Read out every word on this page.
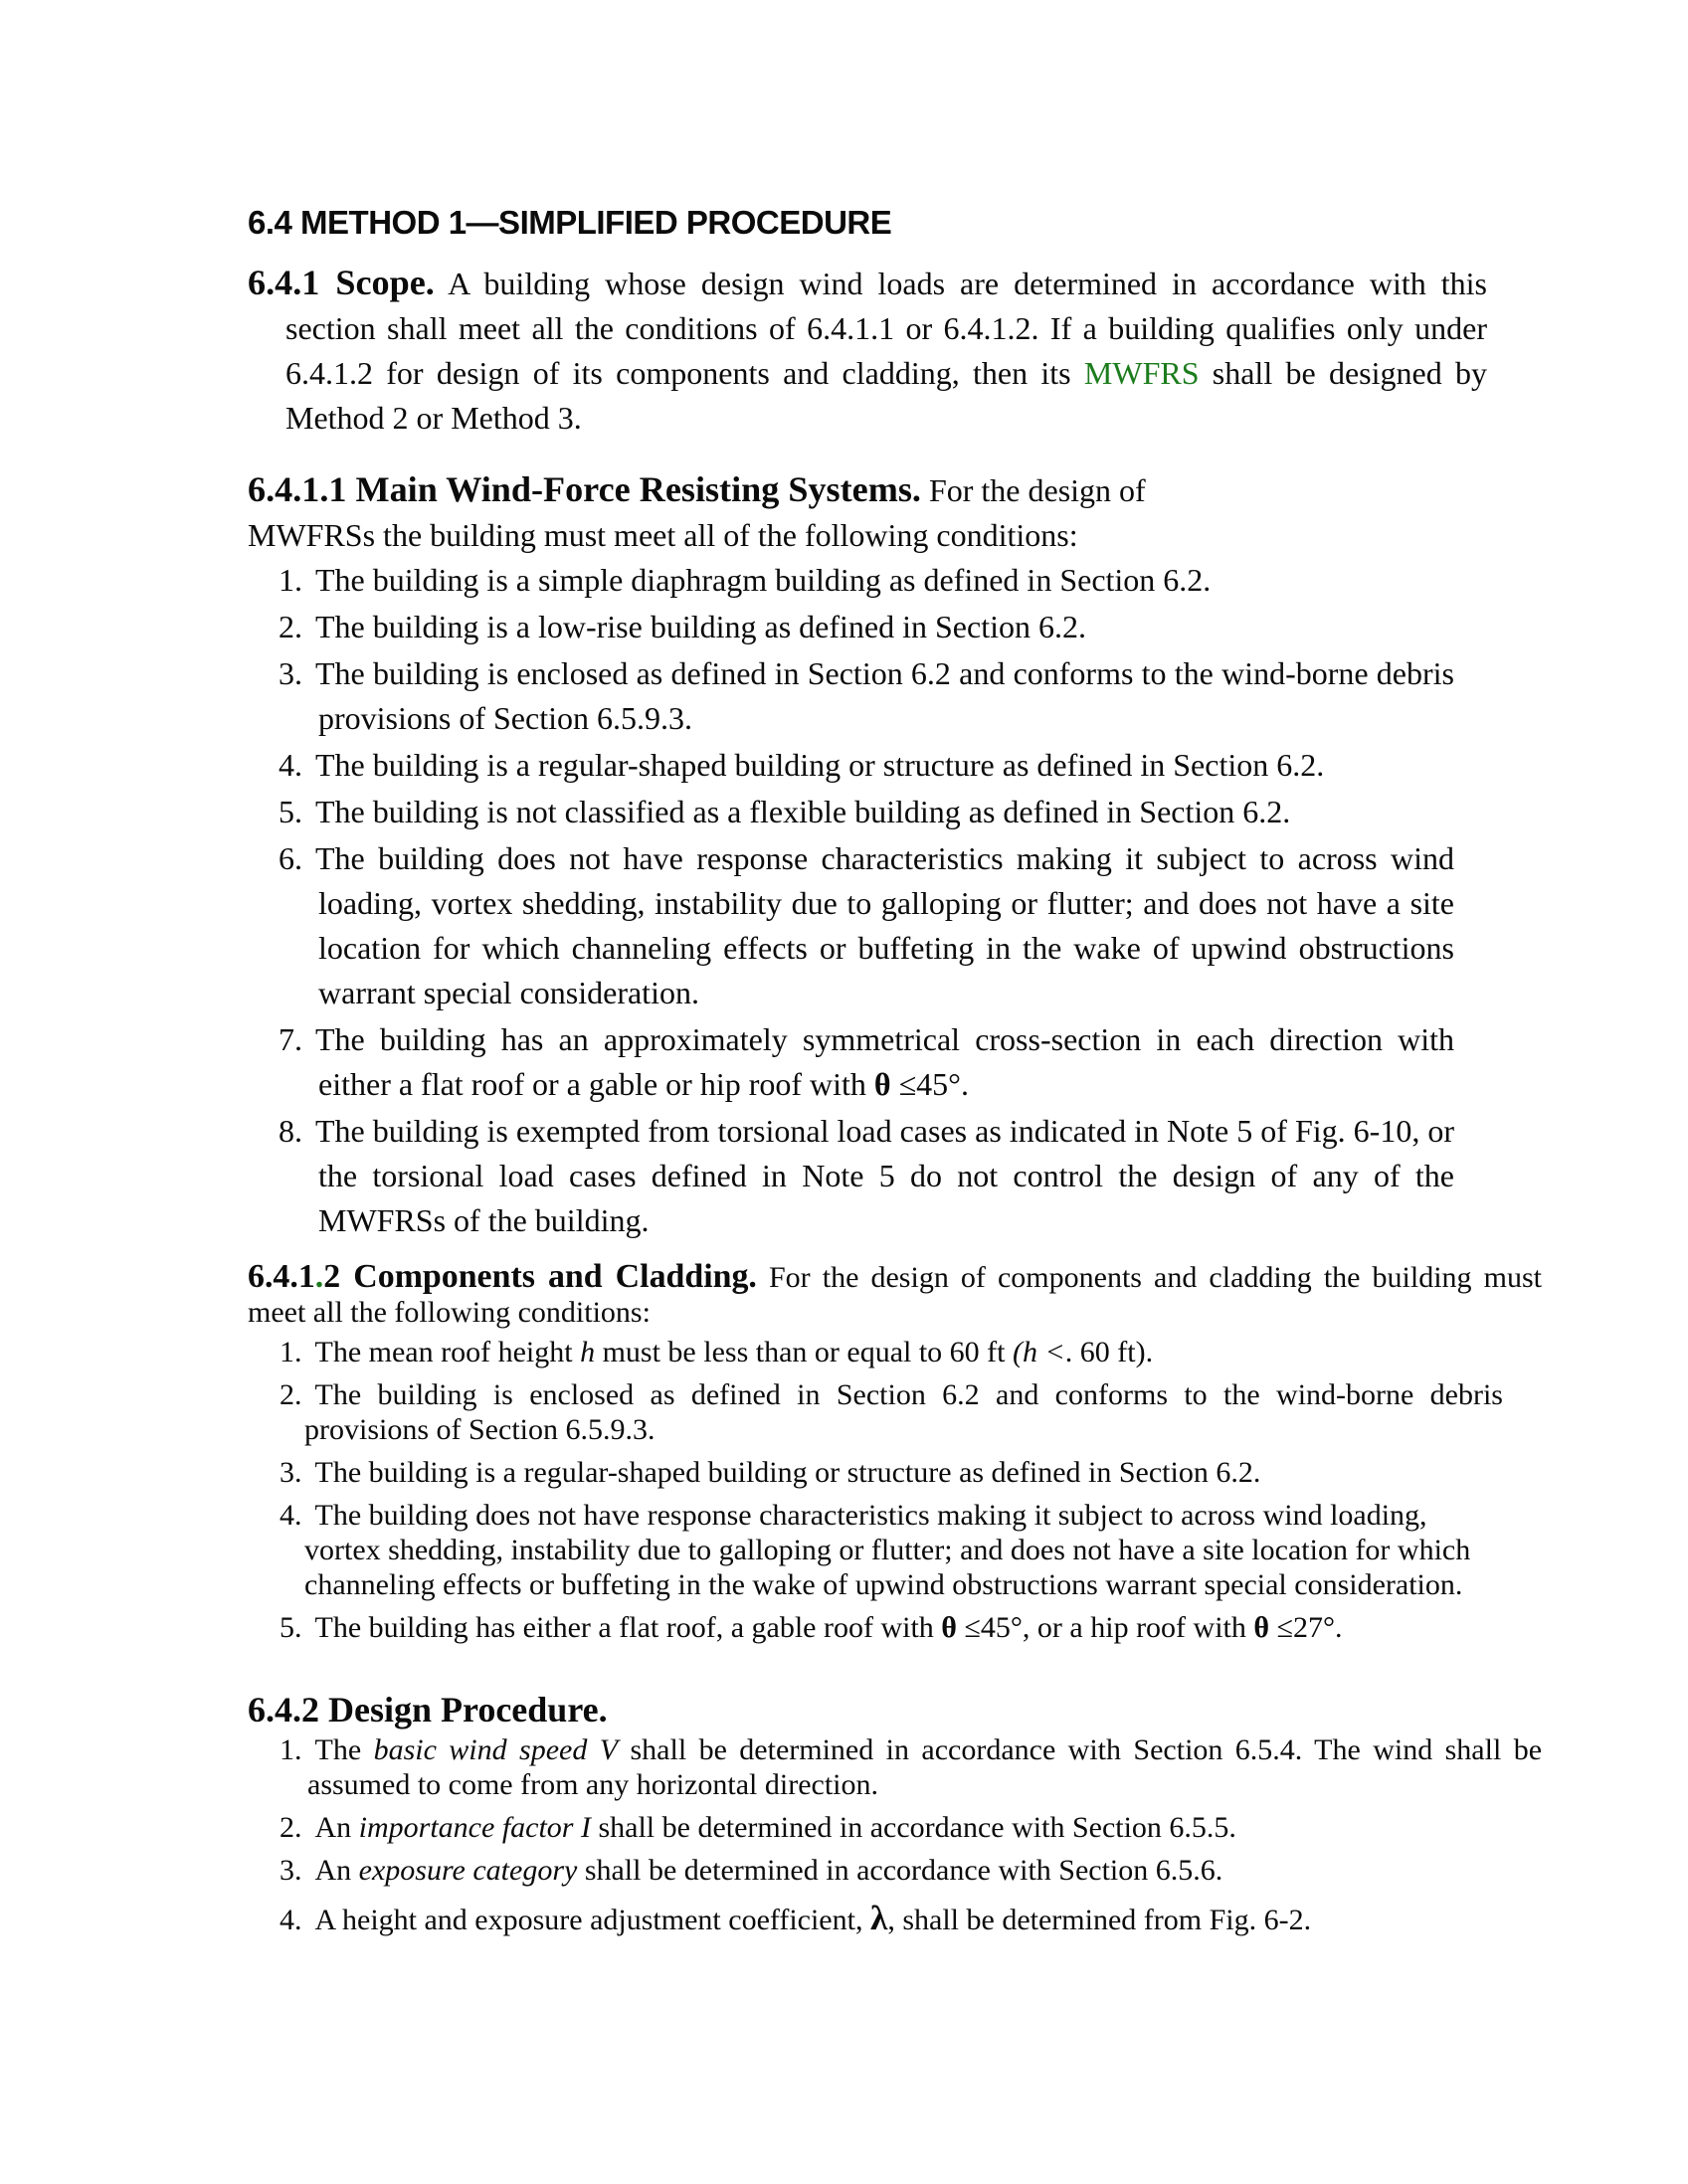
6.4 METHOD 1—SIMPLIFIED PROCEDURE
6.4.1 Scope. A building whose design wind loads are determined in accordance with this section shall meet all the conditions of 6.4.1.1 or 6.4.1.2. If a building qualifies only under 6.4.1.2 for design of its components and cladding, then its MWFRS shall be designed by Method 2 or Method 3.
6.4.1.1 Main Wind-Force Resisting Systems. For the design of
MWFRSs the building must meet all of the following conditions:
1. The building is a simple diaphragm building as defined in Section 6.2.
2. The building is a low-rise building as defined in Section 6.2.
3. The building is enclosed as defined in Section 6.2 and conforms to the wind-borne debris provisions of Section 6.5.9.3.
4. The building is a regular-shaped building or structure as defined in Section 6.2.
5. The building is not classified as a flexible building as defined in Section 6.2.
6. The building does not have response characteristics making it subject to across wind loading, vortex shedding, instability due to galloping or flutter; and does not have a site location for which channeling effects or buffeting in the wake of upwind obstructions warrant special consideration.
7. The building has an approximately symmetrical cross-section in each direction with either a flat roof or a gable or hip roof with θ ≤45°.
8. The building is exempted from torsional load cases as indicated in Note 5 of Fig. 6-10, or the torsional load cases defined in Note 5 do not control the design of any of the MWFRSs of the building.
6.4.1.2 Components and Cladding. For the design of components and cladding the building must meet all the following conditions:
1. The mean roof height h must be less than or equal to 60 ft (h <. 60 ft).
2. The building is enclosed as defined in Section 6.2 and conforms to the wind-borne debris provisions of Section 6.5.9.3.
3. The building is a regular-shaped building or structure as defined in Section 6.2.
4. The building does not have response characteristics making it subject to across wind loading, vortex shedding, instability due to galloping or flutter; and does not have a site location for which channeling effects or buffeting in the wake of upwind obstructions warrant special consideration.
5. The building has either a flat roof, a gable roof with θ ≤45°, or a hip roof with θ ≤27°.
6.4.2 Design Procedure.
1. The basic wind speed V shall be determined in accordance with Section 6.5.4. The wind shall be assumed to come from any horizontal direction.
2. An importance factor I shall be determined in accordance with Section 6.5.5.
3. An exposure category shall be determined in accordance with Section 6.5.6.
4. A height and exposure adjustment coefficient, λ, shall be determined from Fig. 6-2.
